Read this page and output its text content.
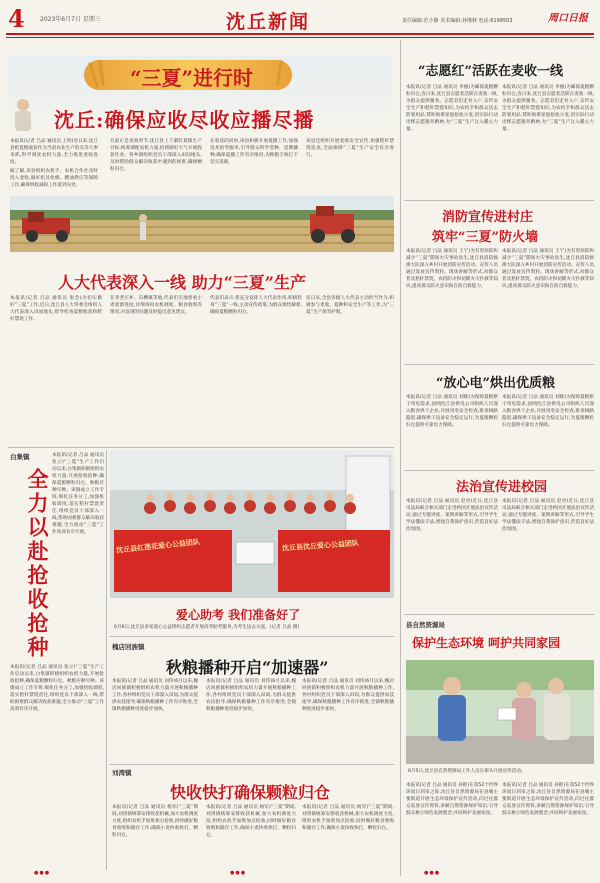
4	2023年6月7日 星期三	沈丘新闻	责任编辑:范小静 美术编辑:孙继秋 电话:6199503	周口日报
“三夏”进行时
沈丘:确保应收尽收应播尽播

本报讯(记者 吕品 通讯员 王明)连日来,沈丘县把夏粮收获作为当前农业生产的头等大事来抓,科学调度农机力量,全力推进麦收进度。

据了解,该县组织农机手、农机合作社及时投入麦收,做好机具检修、燃油供应等保障工作,确保机收减损工作落到实处。

目前正是麦收时节,沈丘县上下紧盯夏粮生产目标,统筹调配农机力量,抢抓晴好天气开展收获作业。各乡镇组织党员干部深入田间地头,及时帮助群众解决收获中遇到的困难,确保颗粒归仓。
在收获的同时,该县积极开展夏播工作,加强技术指导服务,引导群众科学选种、适期播种,确保夏播工作有序推进,为秋粮丰收打下坚实基础。
该县还组织开展麦收安全宣传,加强秸秆禁烧巡查,全面保障“三夏”生产安全有序进行。
人大代表深入一线 助力“三夏”生产
本报讯(记者 吕品 通讯员 张会)为切实做好“三夏”工作,近日,沈丘县人大常委会组织人大代表深入田间地头,督导检查夏粮收获和秸秆禁烧工作。
在李老庄乡、石槽镇等地,代表们实地察看小麦收割进度,详细询问农机调度、粮食收购等情况,对发现的问题及时提出意见建议。
代表们表示,将充分发挥人大代表作用,积极投身“三夏”一线,主动宣传政策,为群众排忧解难,确保夏粮颗粒归仓。
连日来,全县各级人大代表主动担当作为,积极参与麦收、夏种和安全生产等工作,为“三夏”生产保驾护航。
白集镇
全力以赴抢收抢种
本报讯(记者 吕品 通讯员 张立)“三夏”生产工作启动以来,白集镇积极组织农机力量,开展抢收抢种,确保夏粮颗粒归仓、秋粮应种尽种。该镇成立工作专班,细化任务分工,加强机收调度,落实秸秆禁烧责任,组织党员干部深入一线,帮助困难群众解决收获难题,全力推动“三夏”工作高效有序开展。
本报讯(记者 吕品 通讯员 张立)“三夏”生产工作启动以来,白集镇积极组织农机力量,开展抢收抢种,确保夏粮颗粒归仓、秋粮应种尽种。该镇成立工作专班,细化任务分工,加强机收调度,落实秸秆禁烧责任,组织党员干部深入一线,帮助困难群众解决收获难题,全力推动“三夏”工作高效有序开展。
沈丘县红莲花爱心公益团队	沈丘县沈丘爱心公益团队
爱心助考 我们准备好了
6月6日,沈丘县多家爱心公益组织志愿者开展高考助考服务,为考生送去关爱。(记者 吕品 摄)
槐店回族镇
秋粮播种开启“加速器”
本报讯(记者 吕品 通讯员 刘伟)6月以来,槐店回族镇积极组织农机力量开展秋粮播种工作,各村组织党员干部深入田间,为群众提供农技指导,确保秋粮播种工作有序推进,全镇秋粮播种进度稳步加快。
本报讯(记者 吕品 通讯员 刘伟)6月以来,槐店回族镇积极组织农机力量开展秋粮播种工作,各村组织党员干部深入田间,为群众提供农技指导,确保秋粮播种工作有序推进,全镇秋粮播种进度稳步加快。
本报讯(记者 吕品 通讯员 刘伟)6月以来,槐店回族镇积极组织农机力量开展秋粮播种工作,各村组织党员干部深入田间,为群众提供农技指导,确保秋粮播种工作有序推进,全镇秋粮播种进度稳步加快。
刘湾镇
快收快打确保颗粒归仓
本报讯(记者 吕品 通讯员 杨军)“三夏”期间,刘湾镇统筹安排收获机械,加大农机调度力度,组织农机手加班加点抢收,同时做好粮食收购和储存工作,确保小麦快收快打、颗粒归仓。
本报讯(记者 吕品 通讯员 杨军)“三夏”期间,刘湾镇统筹安排收获机械,加大农机调度力度,组织农机手加班加点抢收,同时做好粮食收购和储存工作,确保小麦快收快打、颗粒归仓。
本报讯(记者 吕品 通讯员 杨军)“三夏”期间,刘湾镇统筹安排收获机械,加大农机调度力度,组织农机手加班加点抢收,同时做好粮食收购和储存工作,确保小麦快收快打、颗粒归仓。
●●●	●●●
“志愿红”活跃在麦收一线
本报讯(记者 吕品 通讯员 李丽)为确保夏粮颗粒归仓,连日来,沈丘县志愿者活跃在麦收一线,为群众提供服务。志愿者们走村入户,宣传安全生产和秸秆禁烧知识,为农机手和群众送去防暑用品,帮助困难家庭抢收小麦,用实际行动诠释志愿服务精神,为“三夏”生产注入暖心力量。
本报讯(记者 吕品 通讯员 李丽)为确保夏粮颗粒归仓,连日来,沈丘县志愿者活跃在麦收一线,为群众提供服务。志愿者们走村入户,宣传安全生产和秸秆禁烧知识,为农机手和群众送去防暑用品,帮助困难家庭抢收小麦,用实际行动诠释志愿服务精神,为“三夏”生产注入暖心力量。
消防宣传进村庄
筑牢“三夏”防火墙
本报讯(记者 吕品 通讯员 王宁)为有效预防和减少“三夏”期间火灾事故发生,沈丘县消防救援大队深入乡村开展消防宣传活动。宣传人员通过发放宣传资料、现场讲解等形式,向群众普及秸秆禁烧、农机防火和初期火灾扑救等知识,提高群众防火意识和自防自救能力。
本报讯(记者 吕品 通讯员 王宁)为有效预防和减少“三夏”期间火灾事故发生,沈丘县消防救援大队深入乡村开展消防宣传活动。宣传人员通过发放宣传资料、现场讲解等形式,向群众普及秸秆禁烧、农机防火和初期火灾扑救等知识,提高群众防火意识和自防自救能力。
“放心电”烘出优质粮
本报讯(记者 吕品 通讯员 刘辉)为保障夏粮烘干用电需求,国网沈丘县供电公司组织人员深入粮食烘干企业,开展用电安全检查,排查线路隐患,确保烘干设备安全稳定运行,为夏粮颗粒归仓提供可靠电力保障。
本报讯(记者 吕品 通讯员 刘辉)为保障夏粮烘干用电需求,国网沈丘县供电公司组织人员深入粮食烘干企业,开展用电安全检查,排查线路隐患,确保烘干设备安全稳定运行,为夏粮颗粒归仓提供可靠电力保障。
法治宣传进校园
本报讯(记者 吕品 通讯员 赵亮)近日,沈丘县司法局联合相关部门走进校园开展法治宣传活动,通过专题讲座、案例讲解等形式,引导学生学法懂法守法,增强自我保护意识,营造良好法治氛围。
本报讯(记者 吕品 通讯员 赵亮)近日,沈丘县司法局联合相关部门走进校园开展法治宣传活动,通过专题讲座、案例讲解等形式,引导学生学法懂法守法,增强自我保护意识,营造良好法治氛围。
县自然资源局
保护生态环境 呵护共同家园
6月5日,沈丘县自然资源局工作人员在街头开展宣传活动。
本报讯(记者 吕品 通讯员 孙艳)在第52个世界环境日到来之际,沈丘县自然资源局在县城主要街道开展生态环境保护宣传活动,向过往群众发放宣传资料,讲解自然资源保护知识,引导群众树立绿色发展理念,共同呵护美丽家园。
本报讯(记者 吕品 通讯员 孙艳)在第52个世界环境日到来之际,沈丘县自然资源局在县城主要街道开展生态环境保护宣传活动,向过往群众发放宣传资料,讲解自然资源保护知识,引导群众树立绿色发展理念,共同呵护美丽家园。
●●●
